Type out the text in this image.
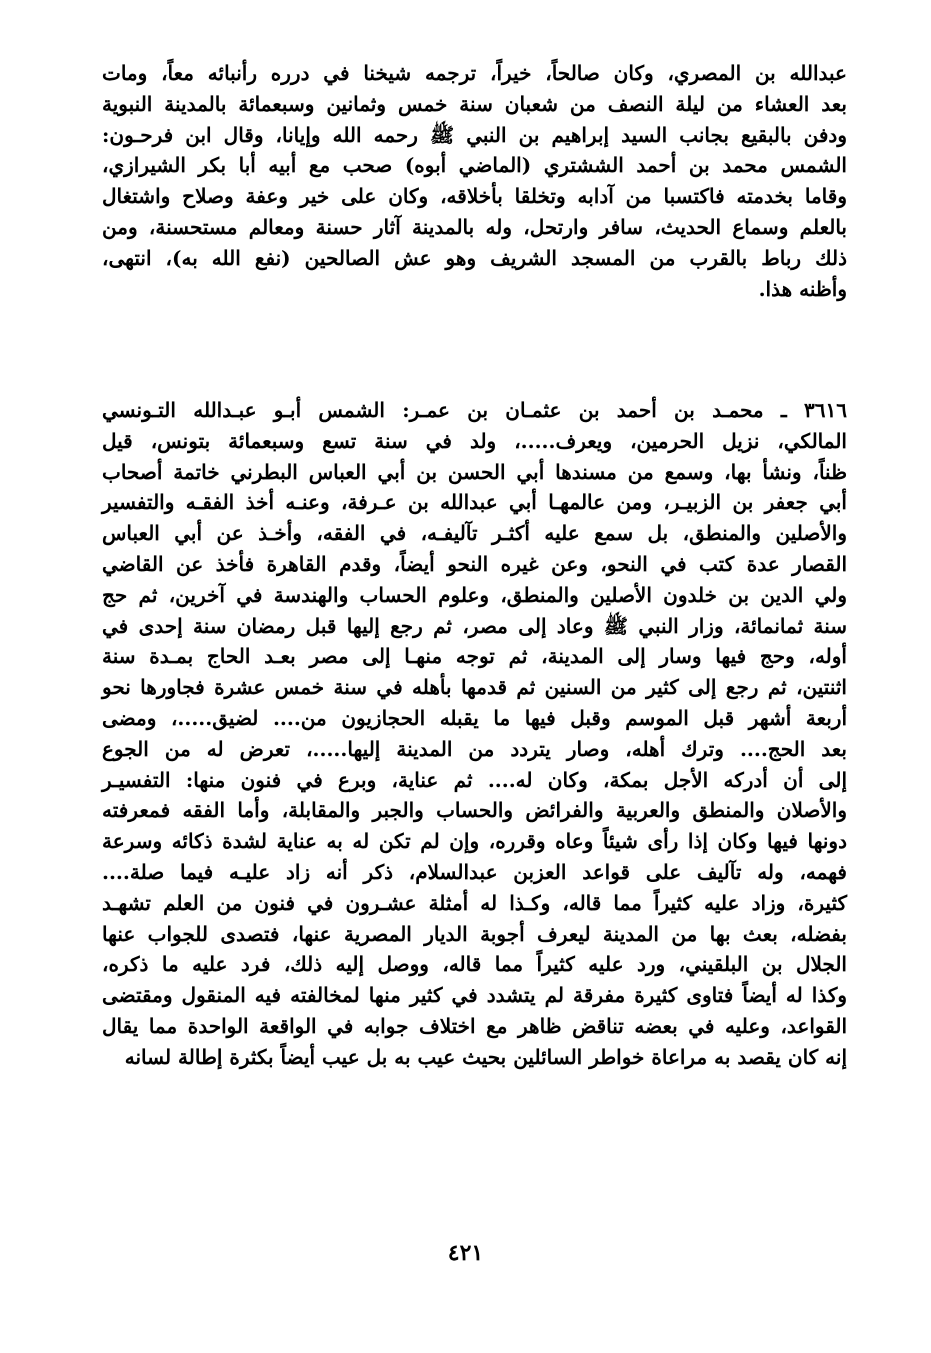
عبدالله بن المصري، وكان صالحاً، خيراً، ترجمه شيخنا في درره رأنبائه معاً، ومات
بعد العشاء من ليلة النصف من شعبان سنة خمس وثمانين وسبعمائة بالمدينة النبوية
ودفن بالبقيع بجانب السيد إبراهيم بن النبي ﷺ رحمه الله وإيانا، وقال ابن فرحـون:
الشمس محمد بن أحمد الششتري (الماضي أبوه) صحب مع أبيه أبا بكر الشيرازي،
وقاما بخدمته فاكتسبا من آدابه وتخلقا بأخلاقه، وكان على خير وعفة وصلاح واشتغال
بالعلم وسماع الحديث، سافر وارتحل، وله بالمدينة آثار حسنة ومعالم مستحسنة، ومن
ذلك رباط بالقرب من المسجد الشريف وهو عش الصالحين (نفع الله به)، انتهى،
وأظنه هذا.
٣٦١٦ ـ محمـد بن أحمد بن عثمـان بن عمـر: الشمس أبـو عبـدالله التـونسي
المالكي، نزيل الحرمين، ويعرف.....، ولد في سنة تسع وسبعمائة بتونس، قيل
ظناً، ونشأ بها، وسمع من مسندها أبي الحسن بن أبي العباس البطرني خاتمة أصحاب
أبي جعفر بن الزبيـر، ومن عالمهـا أبي عبدالله بن عـرفة، وعنـه أخذ الفقـه والتفسير
والأصلين والمنطق، بل سمع عليه أكثـر تآليفـه، في الفقه، وأخـذ عن أبي العباس
القصار عدة كتب في النحو، وعن غيره النحو أيضاً، وقدم القاهرة فأخذ عن القاضي
ولي الدين بن خلدون الأصلين والمنطق، وعلوم الحساب والهندسة في آخرين، ثم حج
سنة ثمانمائة، وزار النبي ﷺ وعاد إلى مصر، ثم رجع إليها قبل رمضان سنة إحدى في
أوله، وحج فيها وسار إلى المدينة، ثم توجه منهـا إلى مصر بعـد الحاج بمـدة سنة
اثنتين، ثم رجع إلى كثير من السنين ثم قدمها بأهله في سنة خمس عشرة فجاورها نحو
أربعة أشهر قبل الموسم وقبل فيها ما يقبله الحجازيون من.... لضيق.....، ومضى
بعد الحج.... وترك أهله، وصار يتردد من المدينة إليها.....، تعرض له من الجوع
إلى أن أدركه الأجل بمكة، وكان له.... ثم عناية، وبرع في فنون منها: التفسيـر
والأصلان والمنطق والعربية والفرائض والحساب والجبر والمقابلة، وأما الفقه فمعرفته
دونها فيها وكان إذا رأى شيئاً وعاه وقرره، وإن لم تكن له به عناية لشدة ذكائه وسرعة
فهمه، وله تآليف على قواعد العزبن عبدالسلام، ذكر أنه زاد عليـه فيما صلة....
كثيرة، وزاد عليه كثيراً مما قاله، وكـذا له أمثلة عشـرون في فنون من العلم تشهـد
بفضله، بعث بها من المدينة ليعرف أجوبة الديار المصرية عنها، فتصدى للجواب عنها
الجلال بن البلقيني، ورد عليه كثيراً مما قاله، ووصل إليه ذلك، فرد عليه ما ذكره،
وكذا له أيضاً فتاوى كثيرة مفرقة لم يتشدد في كثير منها لمخالفته فيه المنقول ومقتضى
القواعد، وعليه في بعضه تناقض ظاهر مع اختلاف جوابه في الواقعة الواحدة مما يقال
إنه كان يقصد به مراعاة خواطر السائلين بحيث عيب به بل عيب أيضاً بكثرة إطالة لسانه
٤٢١
